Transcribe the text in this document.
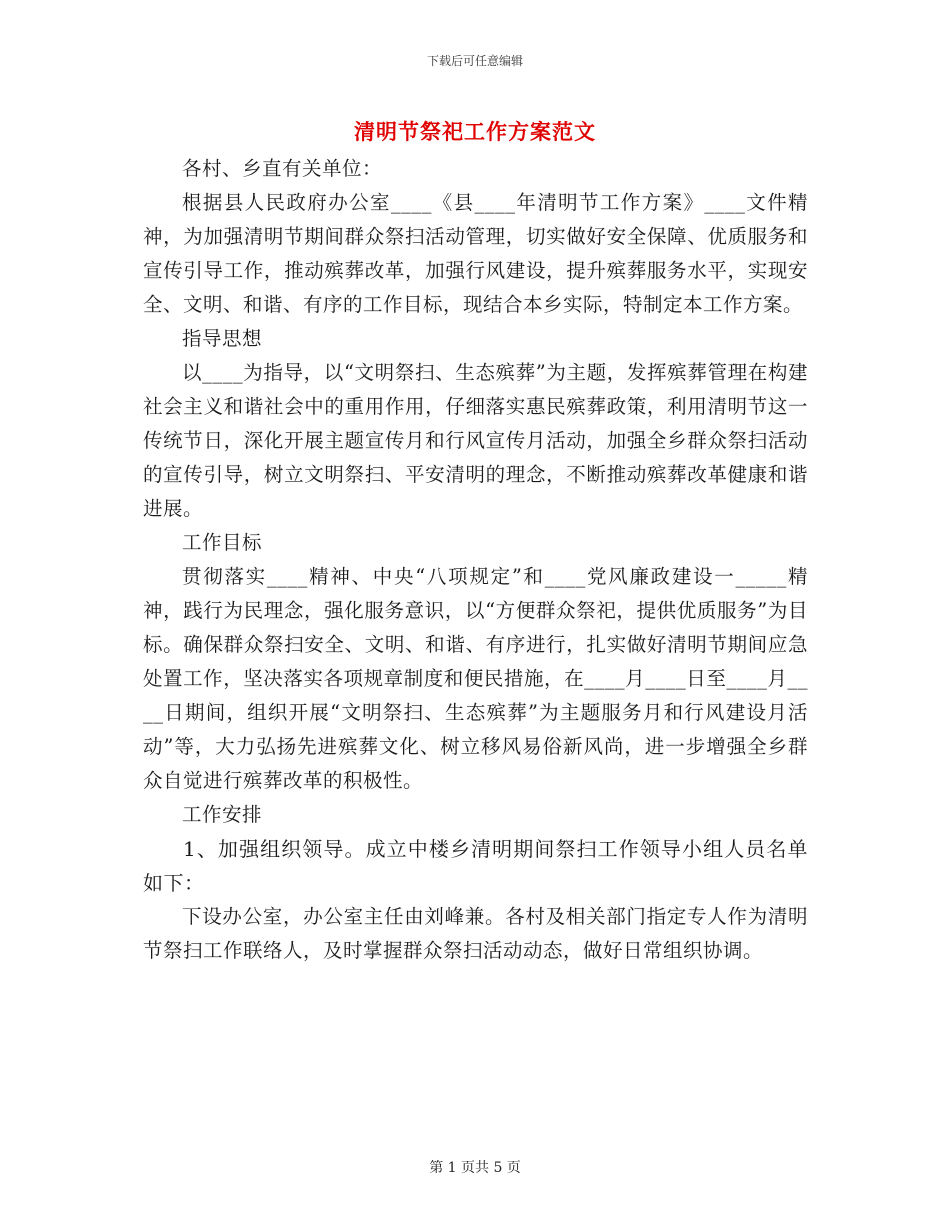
下载后可任意编辑
清明节祭祀工作方案范文

各村、乡直有关单位：

根据县人民政府办公室____《县____年清明节工作方案》____文件精神，为加强清明节期间群众祭扫活动管理，切实做好安全保障、优质服务和宣传引导工作，推动殡葬改革，加强行风建设，提升殡葬服务水平，实现安全、文明、和谐、有序的工作目标，现结合本乡实际，特制定本工作方案。

指导思想

以____为指导，以“文明祭扫、生态殡葬”为主题，发挥殡葬管理在构建社会主义和谐社会中的重用作用，仔细落实惠民殡葬政策，利用清明节这一传统节日，深化开展主题宣传月和行风宣传月活动，加强全乡群众祭扫活动的宣传引导，树立文明祭扫、平安清明的理念，不断推动殡葬改革健康和谐进展。

工作目标

贯彻落实____精神、中央“八项规定”和____党风廉政建设一_____精神，践行为民理念，强化服务意识，以“方便群众祭祀，提供优质服务”为目标。确保群众祭扫安全、文明、和谐、有序进行，扎实做好清明节期间应急处置工作，坚决落实各项规章制度和便民措施，在____月____日至____月____日期间，组织开展“文明祭扫、生态殡葬”为主题服务月和行风建设月活动”等，大力弘扬先进殡葬文化、树立移风易俗新风尚，进一步增强全乡群众自觉进行殡葬改革的积极性。

工作安排

1、加强组织领导。成立中楼乡清明期间祭扫工作领导小组人员名单如下：

下设办公室，办公室主任由刘峰兼。各村及相关部门指定专人作为清明节祭扫工作联络人，及时掌握群众祭扫活动动态，做好日常组织协调。

第 1 页共 5 页
